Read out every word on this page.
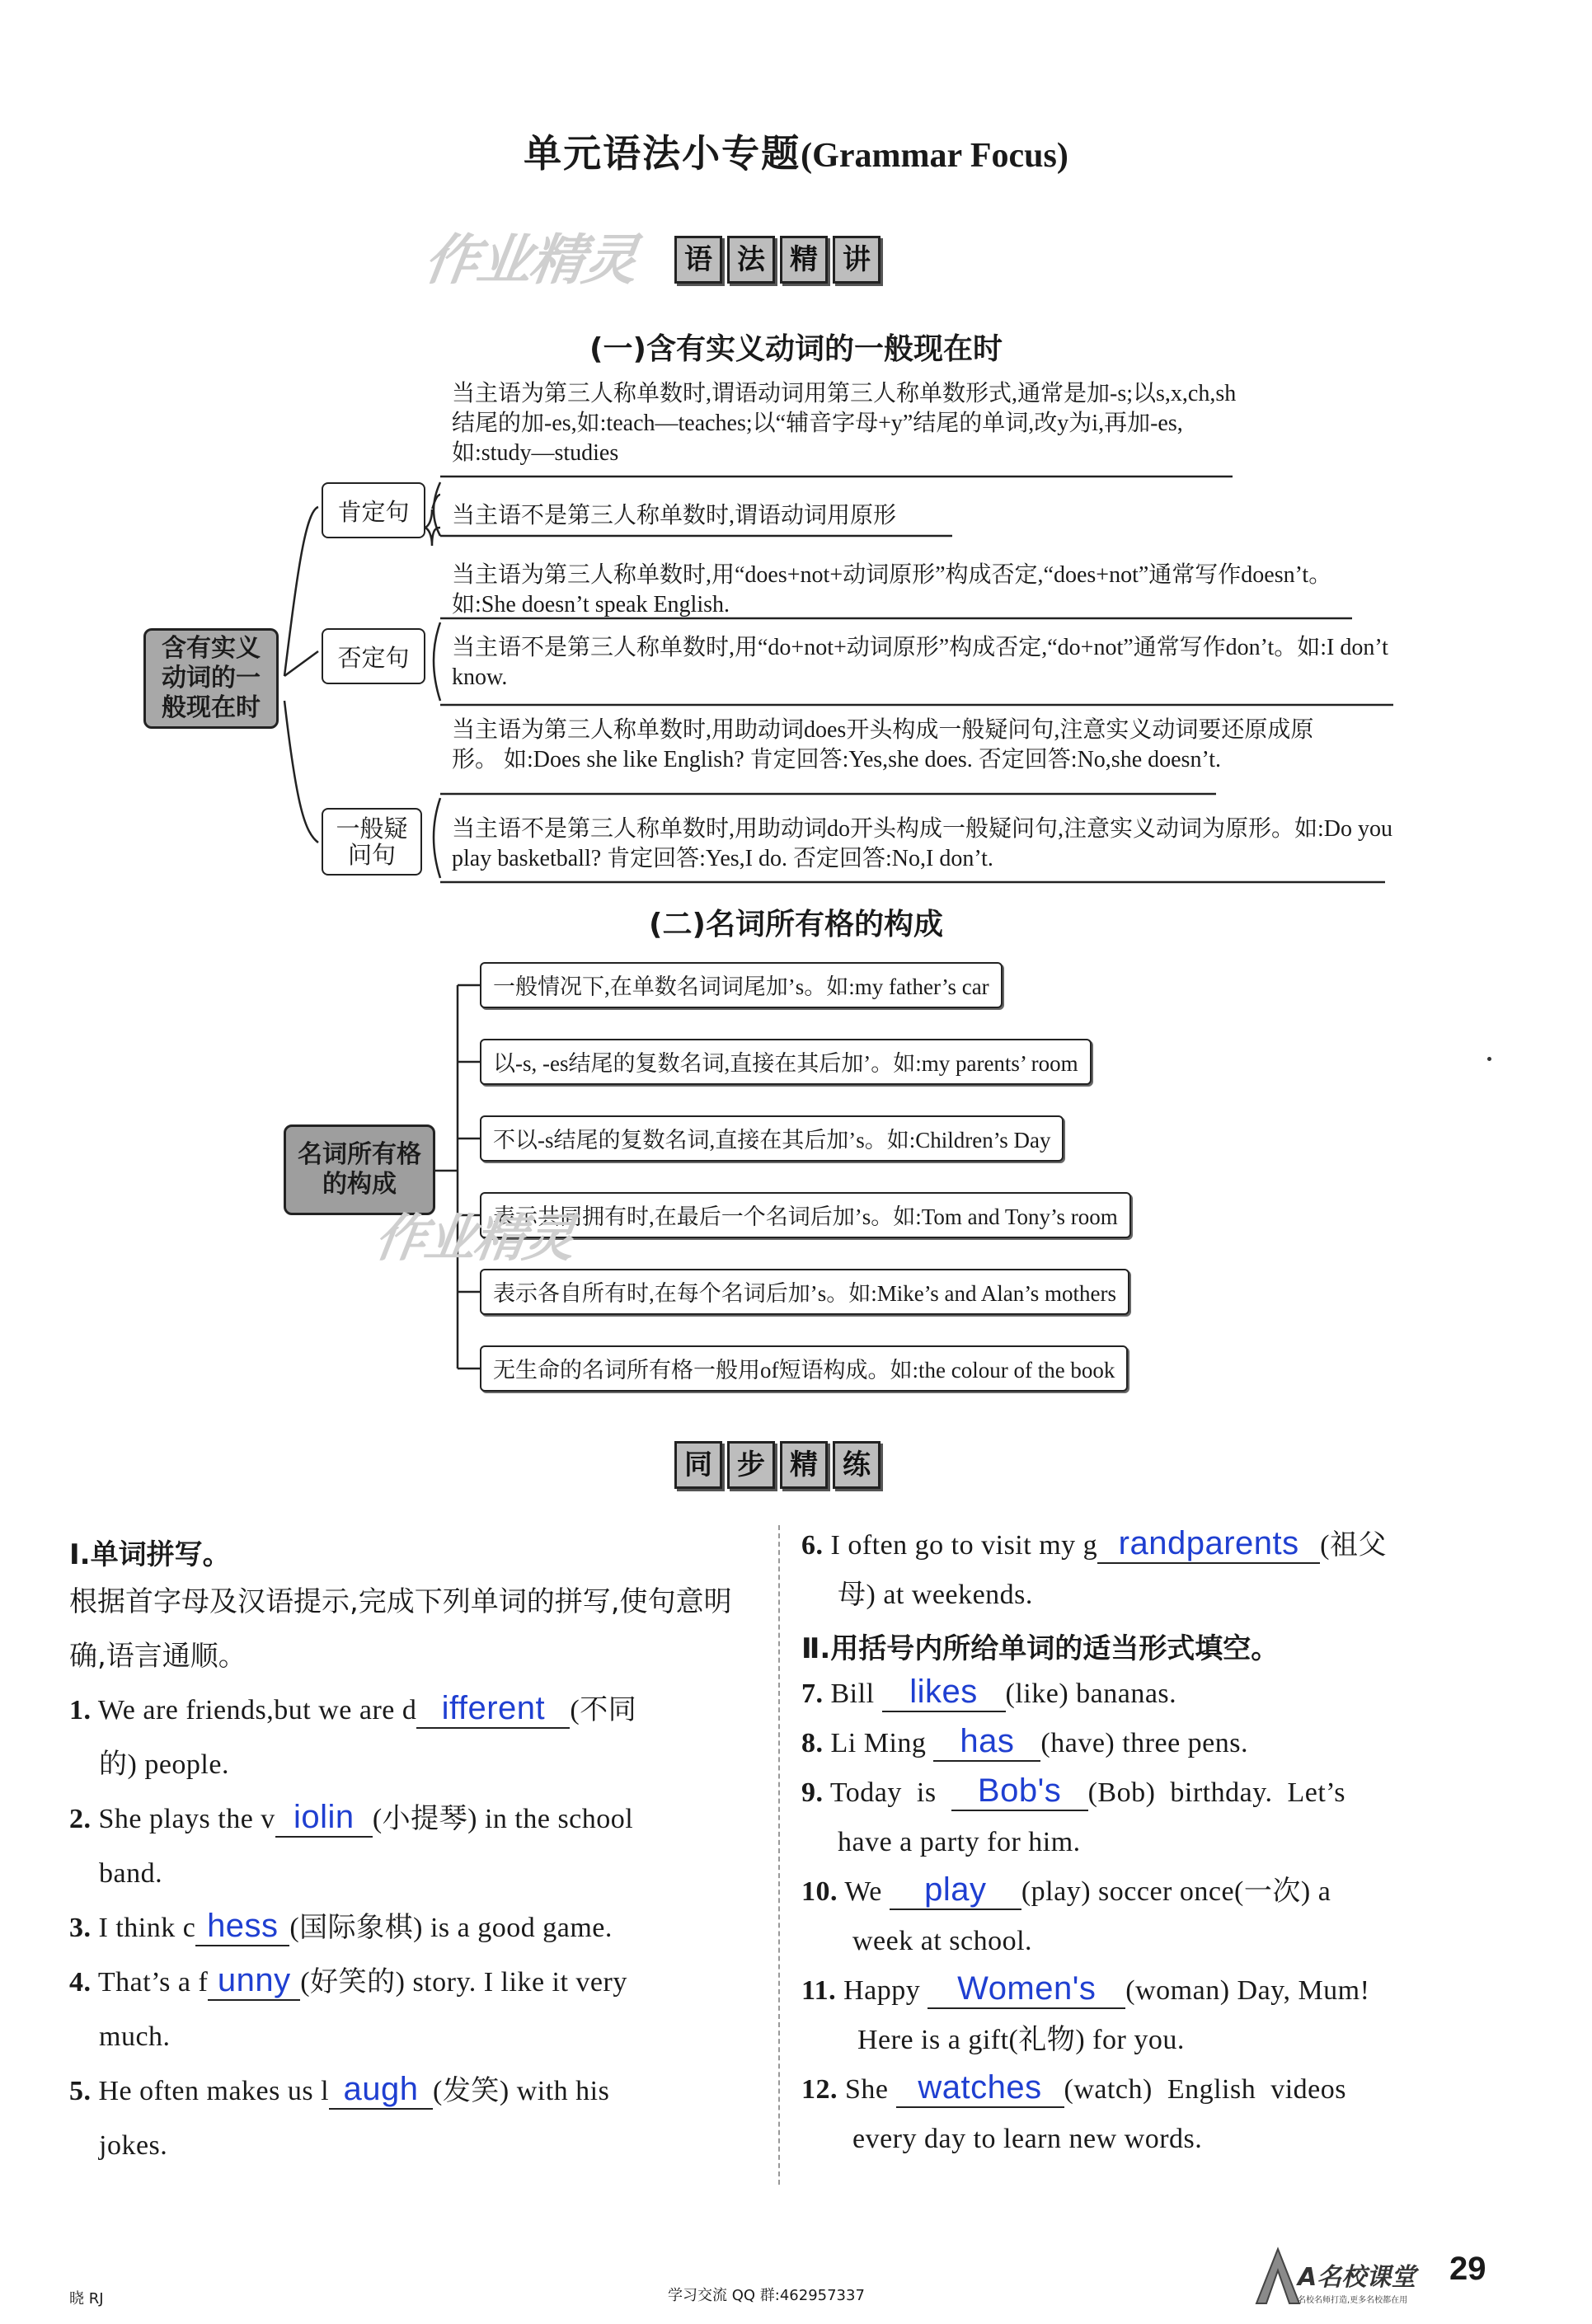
单元语法小专题(Grammar Focus)
作业精灵	语 法 精 讲
(一)含有实义动词的一般现在时
含有实义动词的一般现在时
肯定句
否定句
一般疑问句
当主语为第三人称单数时,谓语动词用第三人称单数形式,通常是加-s;以s,x,ch,sh结尾的加-es,如:teach—teaches;以“辅音字母+y”结尾的单词,改y为i,再加-es,如:study—studies
当主语不是第三人称单数时,谓语动词用原形
当主语为第三人称单数时,用“does+not+动词原形”构成否定,“does+not”通常写作doesn’t。如:She doesn’t speak English.
当主语不是第三人称单数时,用“do+not+动词原形”构成否定,“do+not”通常写作don’t。如:I don’t know.
当主语为第三人称单数时,用助动词does开头构成一般疑问句,注意实义动词要还原成原形。 如:Does she like English? 肯定回答:Yes,she does. 否定回答:No,she doesn’t.
当主语不是第三人称单数时,用助动词do开头构成一般疑问句,注意实义动词为原形。如:Do you play basketball? 肯定回答:Yes,I do. 否定回答:No,I don’t.
(二)名词所有格的构成
名词所有格的构成
一般情况下,在单数名词词尾加’s。如:my father’s car
以-s, -es结尾的复数名词,直接在其后加’。如:my parents’ room
不以-s结尾的复数名词,直接在其后加’s。如:Children’s Day
表示共同拥有时,在最后一个名词后加’s。如:Tom and Tony’s room
表示各自所有时,在每个名词后加’s。如:Mike’s and Alan’s mothers
无生命的名词所有格一般用of短语构成。如:the colour of the book
作业精灵
同 步 精 练
Ⅰ.单词拼写。
根据首字母及汉语提示,完成下列单词的拼写,使句意明确,语言通顺。
1. We are friends,but we are d ifferent (不同
的) people.
2. She plays the v iolin (小提琴) in the school
band.
3. I think c hess (国际象棋) is a good game.
4. That’s a f unny (好笑的) story. I like it very
much.
5. He often makes us l augh (发笑) with his
jokes.
6. I often go to visit my g randparents (祖父
母) at weekends.
Ⅱ.用括号内所给单词的适当形式填空。
7. Bill likes (like) bananas.
8. Li Ming has (have) three pens.
9. Today  is Bob's (Bob)  birthday.  Let’s
have a party for him.
10. We play (play) soccer once(一次) a
week at school.
11. Happy Women's (woman) Day, Mum!
Here is a gift(礼物) for you.
12. She watches (watch)  English  videos
every day to learn new words.
晓 RJ	学习交流 QQ 群:462957337
A名校课堂
名校名师打造,更多名校都在用
29
